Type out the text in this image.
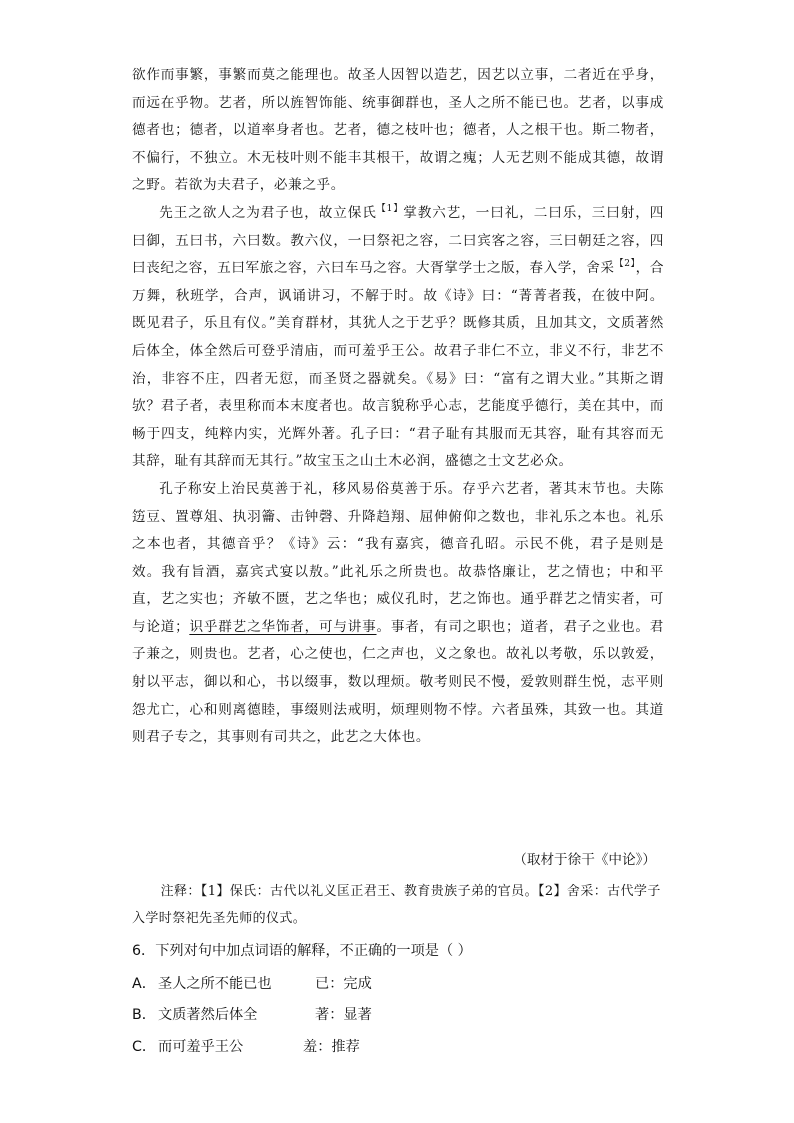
欲作而事繁，事繁而莫之能理也。故圣人因智以造艺，因艺以立事，二者近在乎身，而远在乎物。艺者，所以旌智饰能、统事御群也，圣人之所不能已也。艺者，以事成德者也；德者，以道率身者也。艺者，德之枝叶也；德者，人之根干也。斯二物者，不偏行，不独立。木无枝叶则不能丰其根干，故谓之瘣；人无艺则不能成其德，故谓之野。若欲为夫君子，必兼之乎。

先王之欲人之为君子也，故立保氏$^{【1】}$掌教六艺，一曰礼，二曰乐，三曰射，四曰御，五曰书，六曰数。教六仪，一曰祭祀之容，二曰宾客之容，三曰朝廷之容，四曰丧纪之容，五曰军旅之容，六曰车马之容。大胥掌学士之版，春入学，舍采$^{【2】}$，合万舞，秋班学，合声，讽诵讲习，不解于时。故《诗》曰：“菁菁者莪，在彼中阿。既见君子，乐且有仪。”美育群材，其犹人之于艺乎？既修其质，且加其文，文质著然后体全，体全然后可登乎清庙，而可羞乎王公。故君子非仁不立，非义不行，非艺不治，非容不庄，四者无愆，而圣贤之器就矣。《易》曰：“富有之谓大业。”其斯之谓欤？君子者，表里称而本末度者也。故言貌称乎心志，艺能度乎德行，美在其中，而畅于四支，纯粹内实，光辉外著。孔子曰：“君子耻有其服而无其容，耻有其容而无其辞，耻有其辞而无其行。”故宝玉之山土木必润，盛德之士文艺必众。

孔子称安上治民莫善于礼，移风易俗莫善于乐。存乎六艺者，著其末节也。夫陈笾豆、置尊俎、执羽籥、击钟磬、升降趋翔、屈伸俯仰之数也，非礼乐之本也。礼乐之本也者，其德音乎？《诗》云：“我有嘉宾，德音孔昭。示民不佻，君子是则是效。我有旨酒，嘉宾式宴以敖。”此礼乐之所贵也。故恭恪廉让，艺之情也；中和平直，艺之实也；齐敏不匮，艺之华也；威仪孔时，艺之饰也。通乎群艺之情实者，可与论道；识乎群艺之华饰者，可与讲事。事者，有司之职也；道者，君子之业也。君子兼之，则贵也。艺者，心之使也，仁之声也，义之象也。故礼以考敬，乐以敦爱，射以平志，御以和心，书以缀事，数以理烦。敬考则民不慢，爱敦则群生悦，志平则怨尤亡，心和则离德睦，事缀则法戒明，烦理则物不悖。六者虽殊，其致一也。其道则君子专之，其事则有司共之，此艺之大体也。

（取材于徐干《中论》）
注释：【1】保氏：古代以礼义匡正君王、教育贵族子弟的官员。【2】舍采：古代学子入学时祭祀先圣先师的仪式。
6．下列对句中加点词语的解释，不正确的一项是（ ）
A． 圣人之所不能已也	已：完成
B． 文质著然后体全	著：显著
C． 而可羞乎王公	羞：推荐
